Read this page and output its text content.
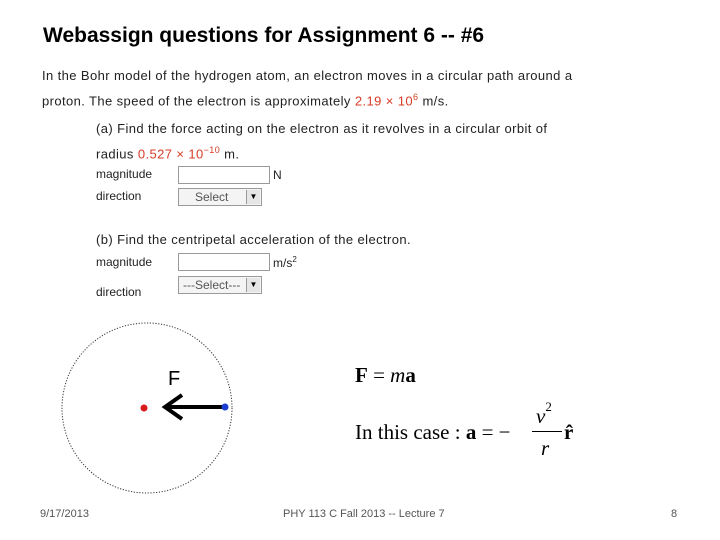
Webassign questions for Assignment 6 -- #6
In the Bohr model of the hydrogen atom, an electron moves in a circular path around a
proton. The speed of the electron is approximately $2.19 \times 10^6$ m/s.
(a) Find the force acting on the electron as it revolves in a circular orbit of
radius $0.527 \times 10^{-10}$ m.
magnitude	N
direction	Select	▼
(b) Find the centripetal acceleration of the electron.
magnitude	$m/s^2$
direction	---Select---	▼
F	F = ma
In this case : a = −
$v^2$
r
r̂
9/17/2013	PHY 113 C Fall 2013 -- Lecture 7	8
